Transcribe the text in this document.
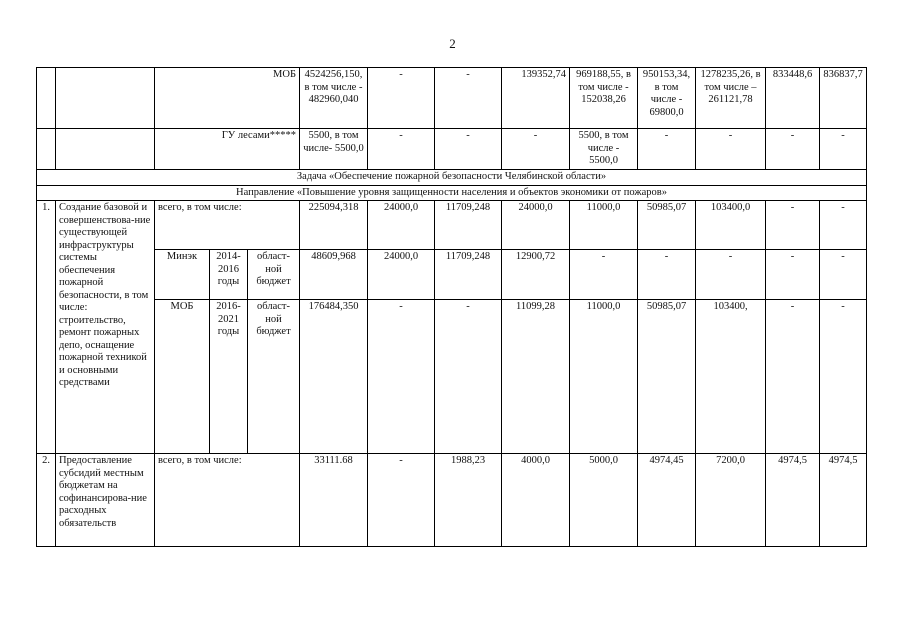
2
		МОБ			4524256,150, в том числе - 482960,040	-	-	139352,74	969188,55, в том числе - 152038,26	950153,34, в том числе - 69800,0	1278235,26, в том числе – 261121,78	833448,6	836837,7
		ГУ лесами*****			5500, в том числе- 5500,0	-	-	-	5500, в том числе - 5500,0	-	-	-	-
Задача «Обеспечение пожарной безопасности Челябинской области»													
Направление «Повышение уровня защищенности населения и объектов экономики от пожаров»													
1.	Создание базовой и совершенствова-ние существующей инфраструктуры системы обеспечения пожарной безопасности, в том числе: строительство, ремонт пожарных депо, оснащение пожарной техникой и основными средствами	всего, в том числе:			225094,318	24000,0	11709,248	24000,0	11000,0	50985,07	103400,0	-	-
		Минэк	2014-2016 годы	област-ной бюджет	48609,968	24000,0	11709,248	12900,72	-	-	-	-	-
		МОБ	2016-2021 годы	област-ной бюджет	176484,350	-	-	11099,28	11000,0	50985,07	103400,	-	-
2.	Предоставление субсидий местным бюджетам на софинансирова-ние расходных обязательств	всего, в том числе:			33111.68	-	1988,23	4000,0	5000,0	4974,45	7200,0	4974,5	4974,5
